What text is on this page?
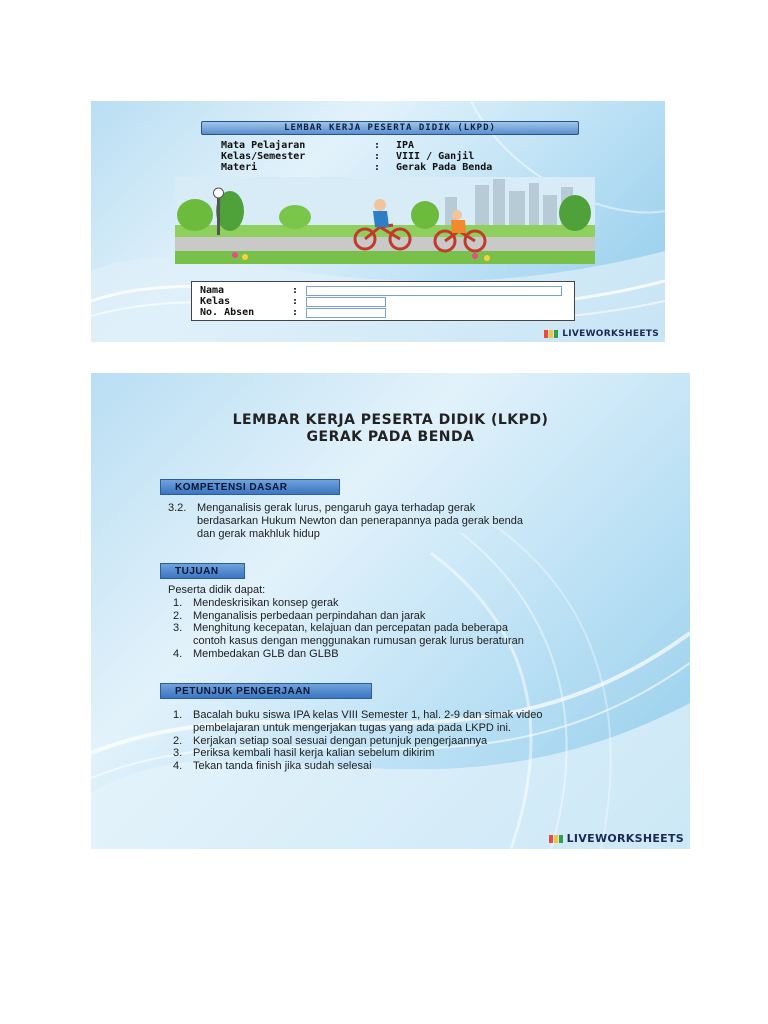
LEMBAR KERJA PESERTA DIDIK (LKPD)
Mata Pelajaran	:	IPA
Kelas/Semester	:	VIII / Ganjil
Materi	:	Gerak Pada Benda
Nama	:
Kelas	:
No. Absen	:
LIVEWORKSHEETS
LEMBAR KERJA PESERTA DIDIK (LKPD)
GERAK PADA BENDA
KOMPETENSI DASAR
3.2. Menganalisis gerak lurus, pengaruh gaya terhadap gerak
berdasarkan Hukum Newton dan penerapannya pada gerak benda
dan gerak makhluk hidup
TUJUAN
Peserta didik dapat:
1. Mendeskrisikan konsep gerak
2. Menganalisis perbedaan perpindahan dan jarak
3. Menghitung kecepatan, kelajuan dan percepatan pada beberapa
contoh kasus dengan menggunakan rumusan gerak lurus beraturan
4. Membedakan GLB dan GLBB
PETUNJUK PENGERJAAN
1. Bacalah buku siswa IPA kelas VIII Semester 1, hal. 2-9 dan simak video
pembelajaran untuk mengerjakan tugas yang ada pada LKPD ini.
2. Kerjakan setiap soal sesuai dengan petunjuk pengerjaannya
3. Periksa kembali hasil kerja kalian sebelum dikirim
4. Tekan tanda finish jika sudah selesai
LIVEWORKSHEETS
